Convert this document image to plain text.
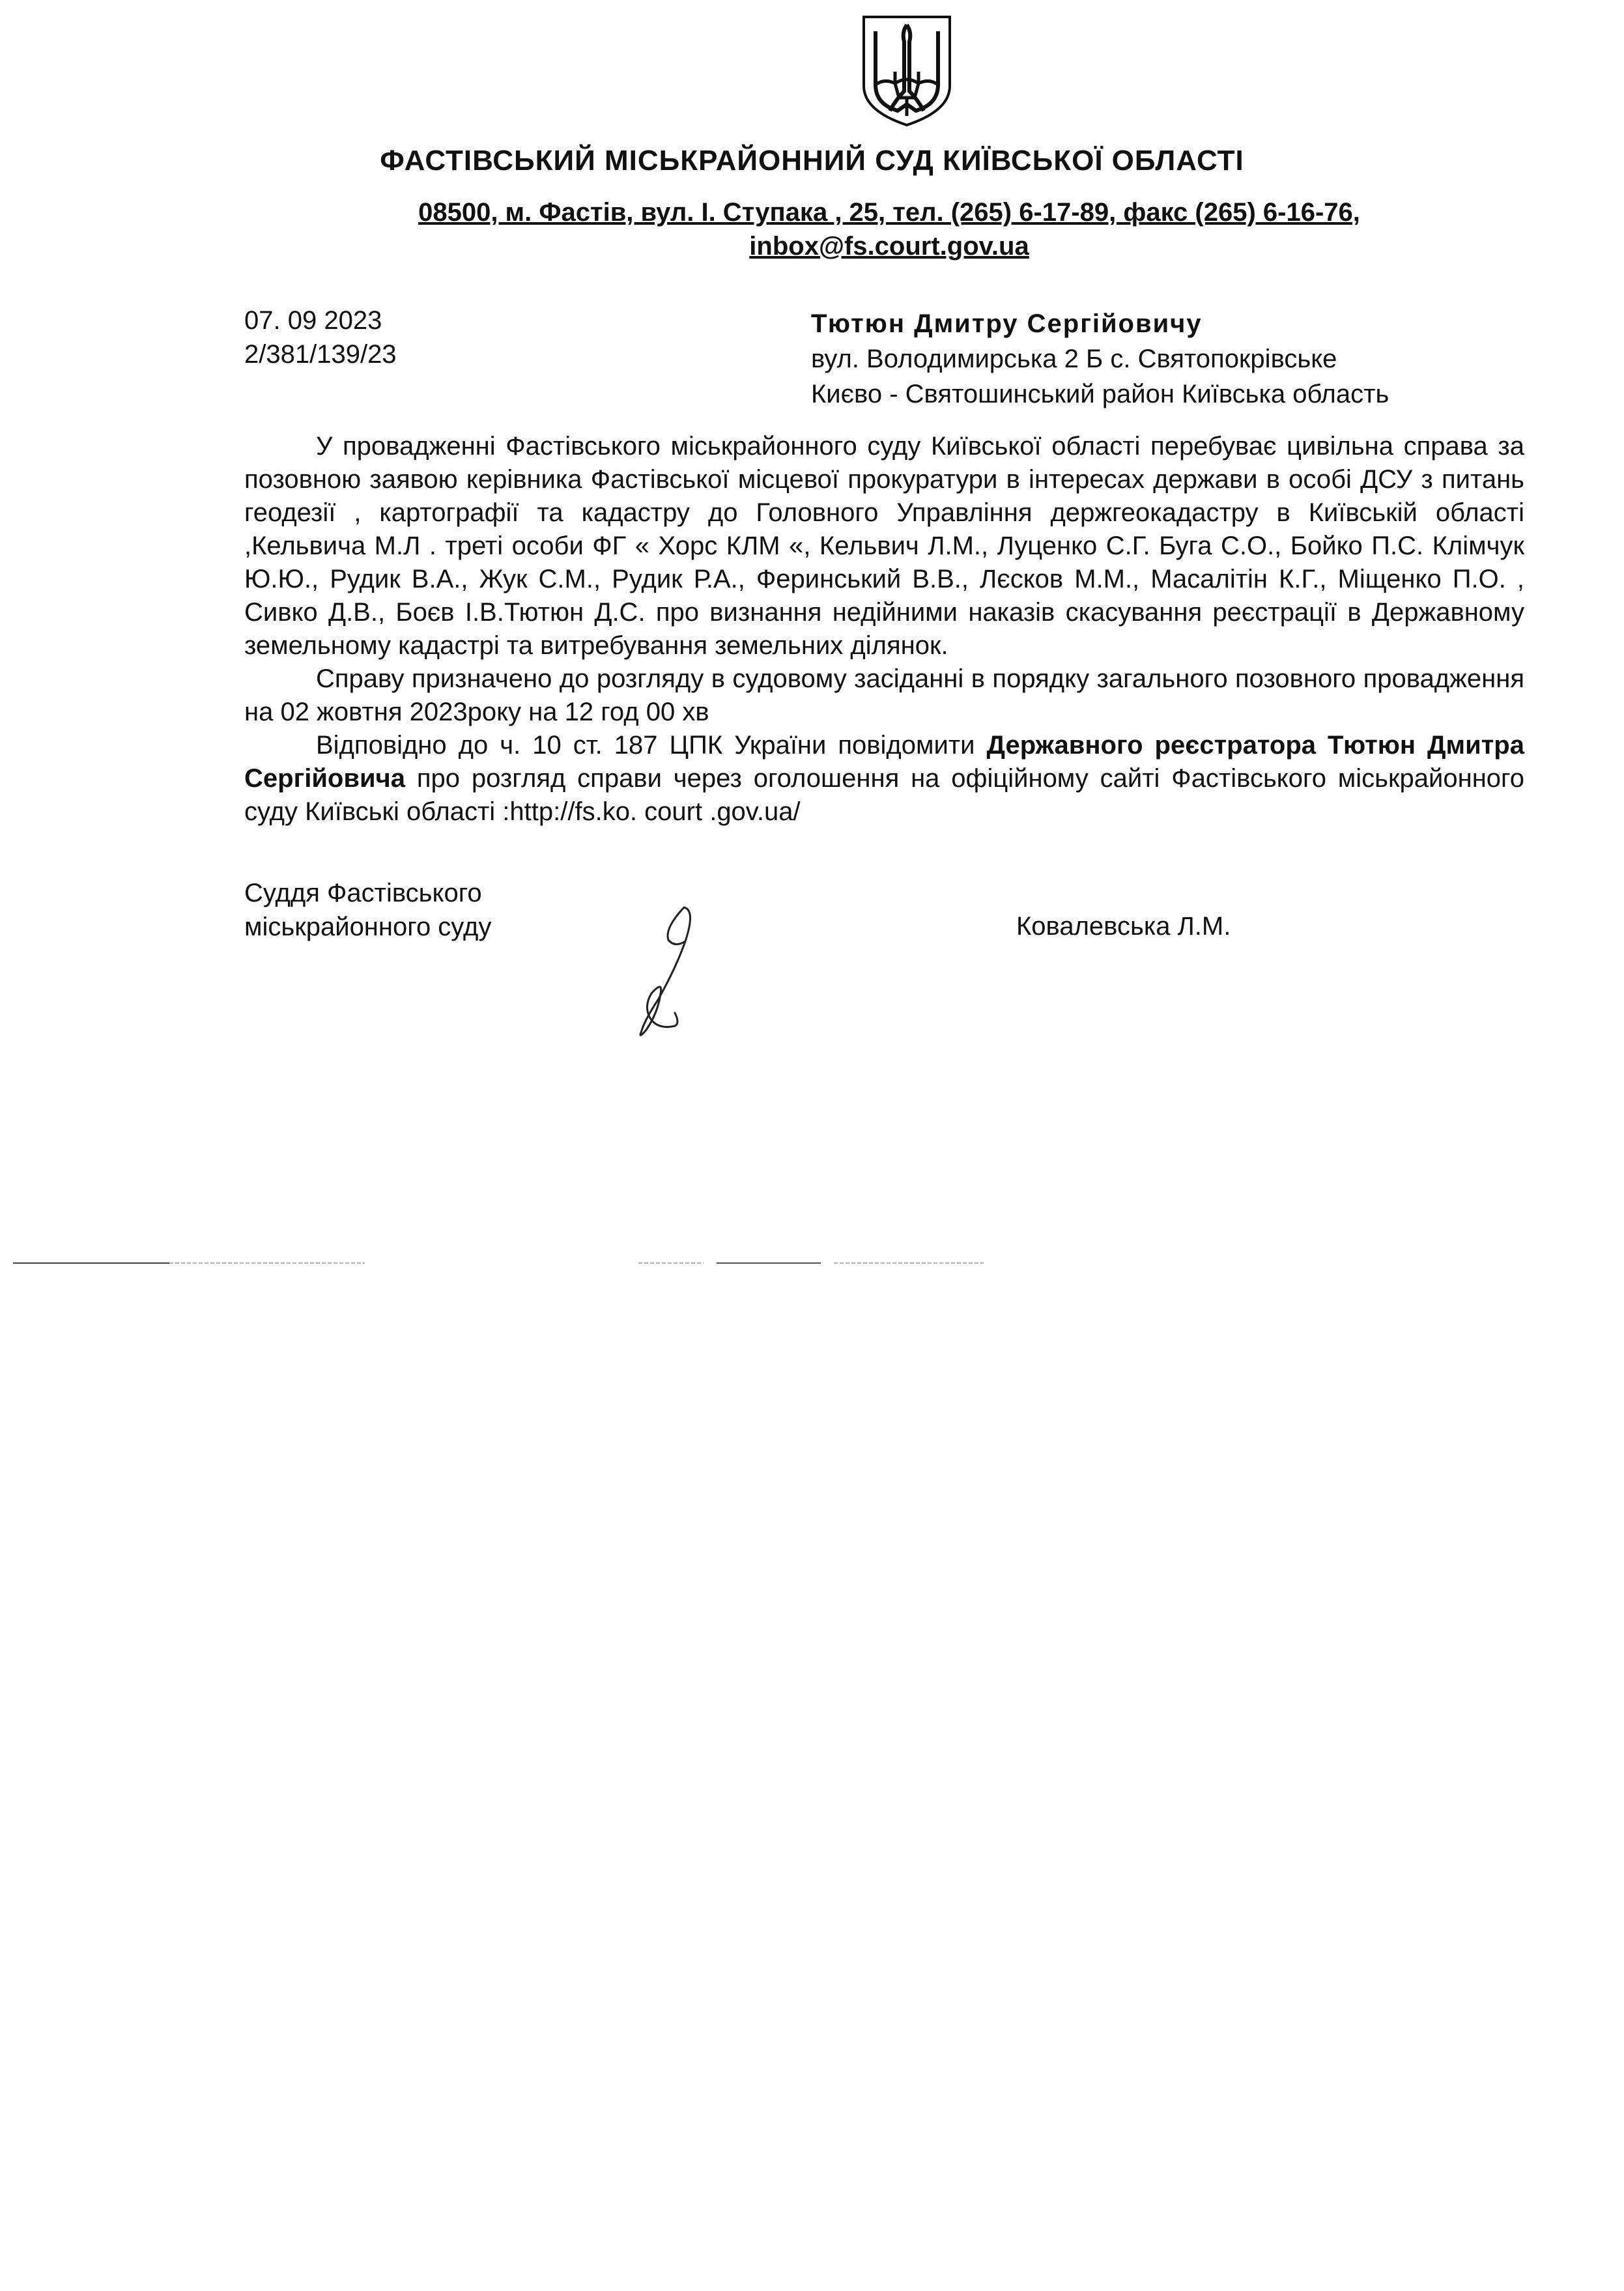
ФАСТІВСЬКИЙ МІСЬКРАЙОННИЙ СУД КИЇВСЬКОЇ ОБЛАСТІ
08500, м. Фастів, вул. І. Ступака , 25, тел. (265) 6-17-89, факс (265) 6-16-76,
inbox@fs.court.gov.ua
07. 09 2023
2/381/139/23
Тютюн Дмитру Сергійовичу
вул. Володимирська 2 Б с. Святопокрівське
Києво - Святошинський район Київська область

У провадженні Фастівського міськрайонного суду Київської області перебуває цивільна справа за позовною заявою керівника Фастівської місцевої прокуратури в інтересах держави в особі ДСУ з питань геодезії , картографії та кадастру до Головного Управління держгеокадастру в Київській області ,Кельвича М.Л . треті особи ФГ « Хорс КЛМ «, Кельвич Л.М., Луценко С.Г. Буга С.О., Бойко П.С. Клімчук Ю.Ю., Рудик В.А., Жук С.М., Рудик Р.А., Феринський В.В., Лєсков М.М., Масалітін К.Г., Міщенко П.О. , Сивко Д.В., Боєв І.В.Тютюн Д.С. про визнання недійними наказів скасування реєстрації в Державному земельному кадастрі та витребування земельних ділянок.

Справу призначено до розгляду в судовому засіданні в порядку загального позовного провадження на 02 жовтня 2023року на 12 год 00 хв

Відповідно до ч. 10 ст. 187 ЦПК України повідомити Державного реєстратора Тютюн Дмитра Сергійовича про розгляд справи через оголошення на офіційному сайті Фастівського міськрайонного суду Київські області :http://fs.ko. court .gov.ua/

Суддя Фастівського
міськрайонного суду	Ковалевська Л.М.
